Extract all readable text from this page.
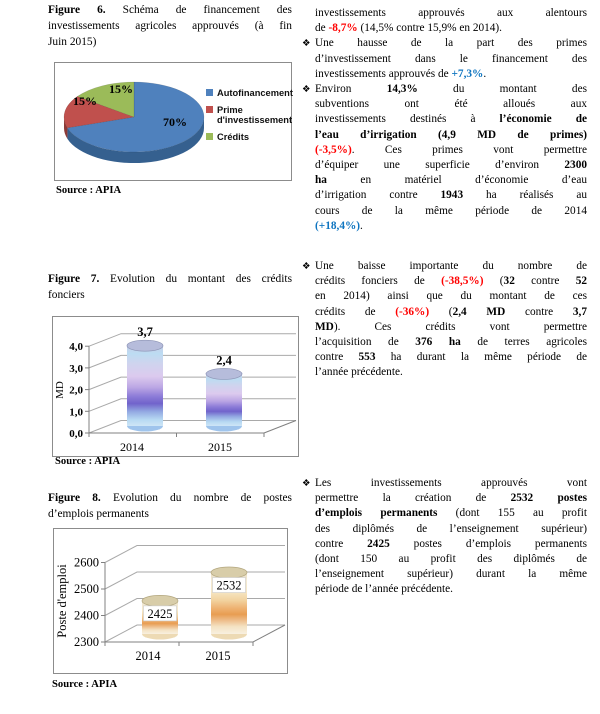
Figure 6. Schéma de financement des
investissements agricoles approuvés (à fin
Juin 2015)
70%
15%
15%	Autofinancement
Prime d'investissement
Crédits
Source : APIA
Figure 7. Evolution du montant des crédits
fonciers
0,0
1,0
2,0
3,0
4,0
3,7
2,4
2014	2015
MD
Source : APIA
Figure 8. Evolution du nombre de postes
d’emplois permanents
2300
2400
2500
2600
2425
2532
2014	2015
Poste d'emploi
Source : APIA
investissements approuvés aux alentours
de -8,7% (14,5% contre 15,9% en 2014).
❖ Une hausse de la part des primes
d’investissement dans le financement des
investissements approuvés de +7,3%.
❖ Environ 14,3% du montant des
subventions ont été alloués aux
investissements destinés à l’économie de
l’eau d’irrigation (4,9 MD de primes)
(-3,5%). Ces primes vont permettre
d’équiper une superficie d’environ 2300
ha en matériel d’économie d’eau
d’irrigation contre 1943 ha réalisés au
cours de la même période de 2014
(+18,4%).
❖ Une baisse importante du nombre de
crédits fonciers de (-38,5%) (32 contre 52
en 2014) ainsi que du montant de ces
crédits de (-36%) (2,4 MD contre 3,7
MD). Ces crédits vont permettre
l’acquisition de 376 ha de terres agricoles
contre 553 ha durant la même période de
l’année précédente.
❖ Les investissements approuvés vont
permettre la création de 2532 postes
d’emplois permanents (dont 155 au profit
des diplômés de l’enseignement supérieur)
contre 2425 postes d’emplois permanents
(dont 150 au profit des diplômés de
l’enseignement supérieur) durant la même
période de l’année précédente.
